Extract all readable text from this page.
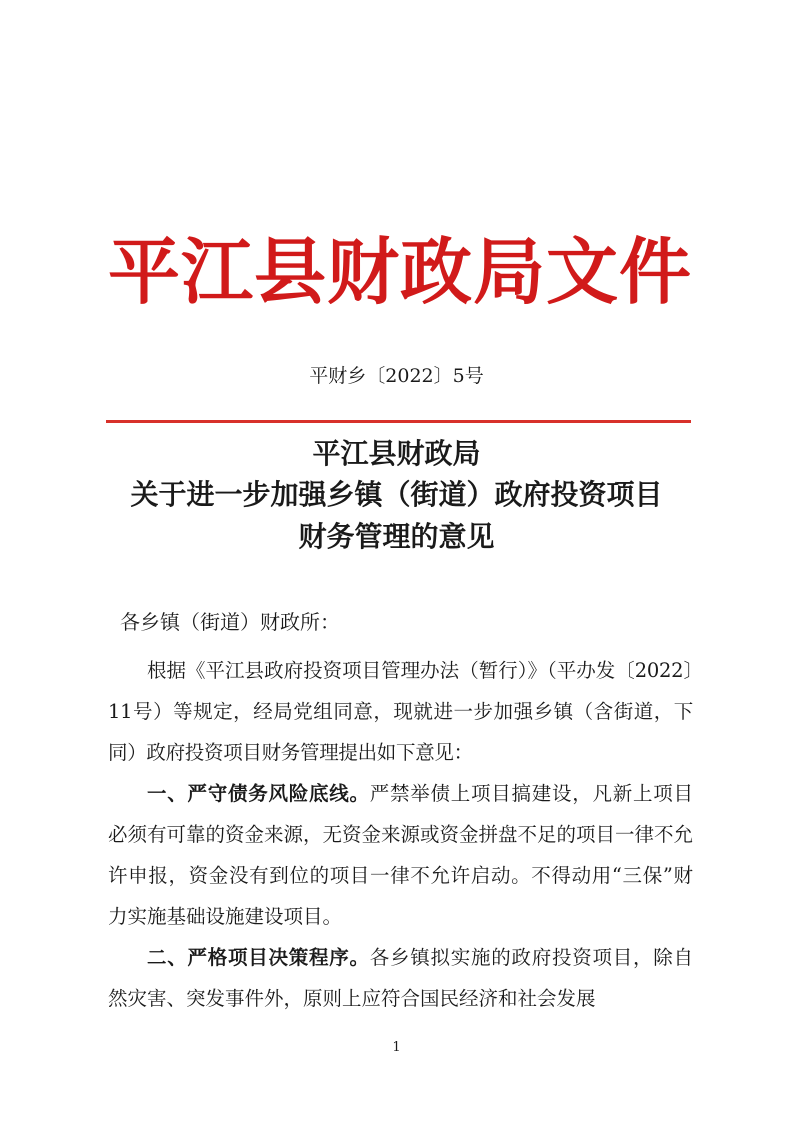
平江县财政局文件
平财乡〔2022〕5号
平江县财政局
关于进一步加强乡镇（街道）政府投资项目
财务管理的意见
各乡镇（街道）财政所：

根据《平江县政府投资项目管理办法（暂行）》（平办发〔2022〕11号）等规定，经局党组同意，现就进一步加强乡镇（含街道，下同）政府投资项目财务管理提出如下意见：

一、严守债务风险底线。严禁举债上项目搞建设，凡新上项目必须有可靠的资金来源，无资金来源或资金拼盘不足的项目一律不允许申报，资金没有到位的项目一律不允许启动。不得动用“三保”财力实施基础设施建设项目。

二、严格项目决策程序。各乡镇拟实施的政府投资项目，除自然灾害、突发事件外，原则上应符合国民经济和社会发展

1
